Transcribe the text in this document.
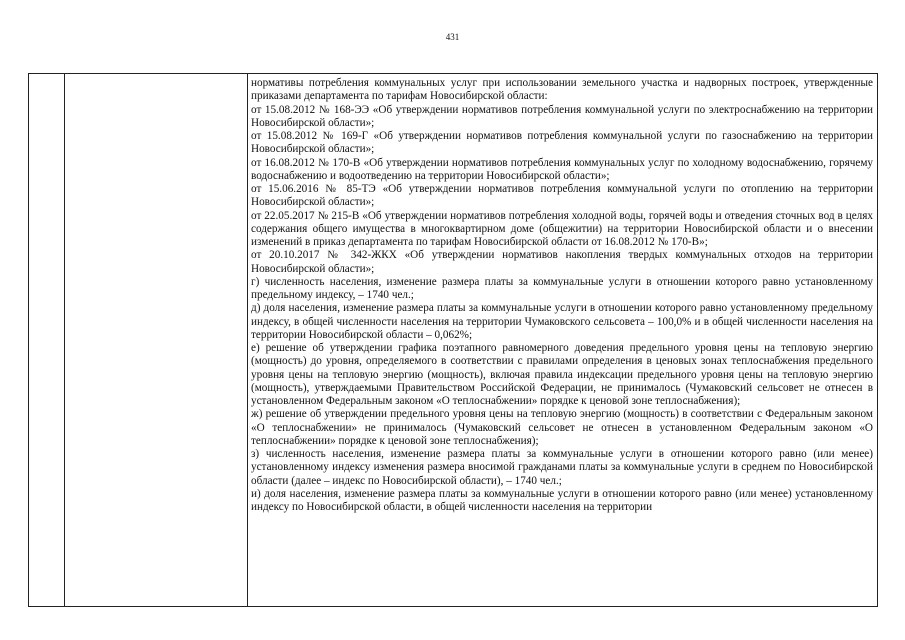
431

нормативы потребления коммунальных услуг при использовании земельного участка и надворных построек, утвержденные приказами департамента по тарифам Новосибирской области:

от 15.08.2012 № 168-ЭЭ «Об утверждении нормативов потребления коммунальной услуги по электроснабжению на территории Новосибирской области»;

от 15.08.2012 № 169-Г «Об утверждении нормативов потребления коммунальной услуги по газоснабжению на территории Новосибирской области»;

от 16.08.2012 № 170-В «Об утверждении нормативов потребления коммунальных услуг по холодному водоснабжению, горячему водоснабжению и водоотведению на территории Новосибирской области»;

от 15.06.2016 № 85-ТЭ «Об утверждении нормативов потребления коммунальной услуги по отоплению на территории Новосибирской области»;

от 22.05.2017 № 215-В «Об утверждении нормативов потребления холодной воды, горячей воды и отведения сточных вод в целях содержания общего имущества в многоквартирном доме (общежитии) на территории Новосибирской области и о внесении изменений в приказ департамента по тарифам Новосибирской области от 16.08.2012 № 170-В»;

от 20.10.2017 № 342-ЖКХ «Об утверждении нормативов накопления твердых коммунальных отходов на территории Новосибирской области»;

г) численность населения, изменение размера платы за коммунальные услуги в отношении которого равно установленному предельному индексу, – 1740 чел.;

д) доля населения, изменение размера платы за коммунальные услуги в отношении которого равно установленному предельному индексу, в общей численности населения на территории Чумаковского сельсовета – 100,0% и в общей численности населения на территории Новосибирской области – 0,062%;

е) решение об утверждении графика поэтапного равномерного доведения предельного уровня цены на тепловую энергию (мощность) до уровня, определяемого в соответствии с правилами определения в ценовых зонах теплоснабжения предельного уровня цены на тепловую энергию (мощность), включая правила индексации предельного уровня цены на тепловую энергию (мощность), утверждаемыми Правительством Российской Федерации, не принималось (Чумаковский сельсовет не отнесен в установленном Федеральным законом «О теплоснабжении» порядке к ценовой зоне теплоснабжения);

ж) решение об утверждении предельного уровня цены на тепловую энергию (мощность) в соответствии с Федеральным законом «О теплоснабжении» не принималось (Чумаковский сельсовет не отнесен в установленном Федеральным законом «О теплоснабжении» порядке к ценовой зоне теплоснабжения);

з) численность населения, изменение размера платы за коммунальные услуги в отношении которого равно (или менее) установленному индексу изменения размера вносимой гражданами платы за коммунальные услуги в среднем по Новосибирской области (далее – индекс по Новосибирской области), – 1740 чел.;

и) доля населения, изменение размера платы за коммунальные услуги в отношении которого равно (или менее) установленному индексу по Новосибирской области, в общей численности населения на территории
